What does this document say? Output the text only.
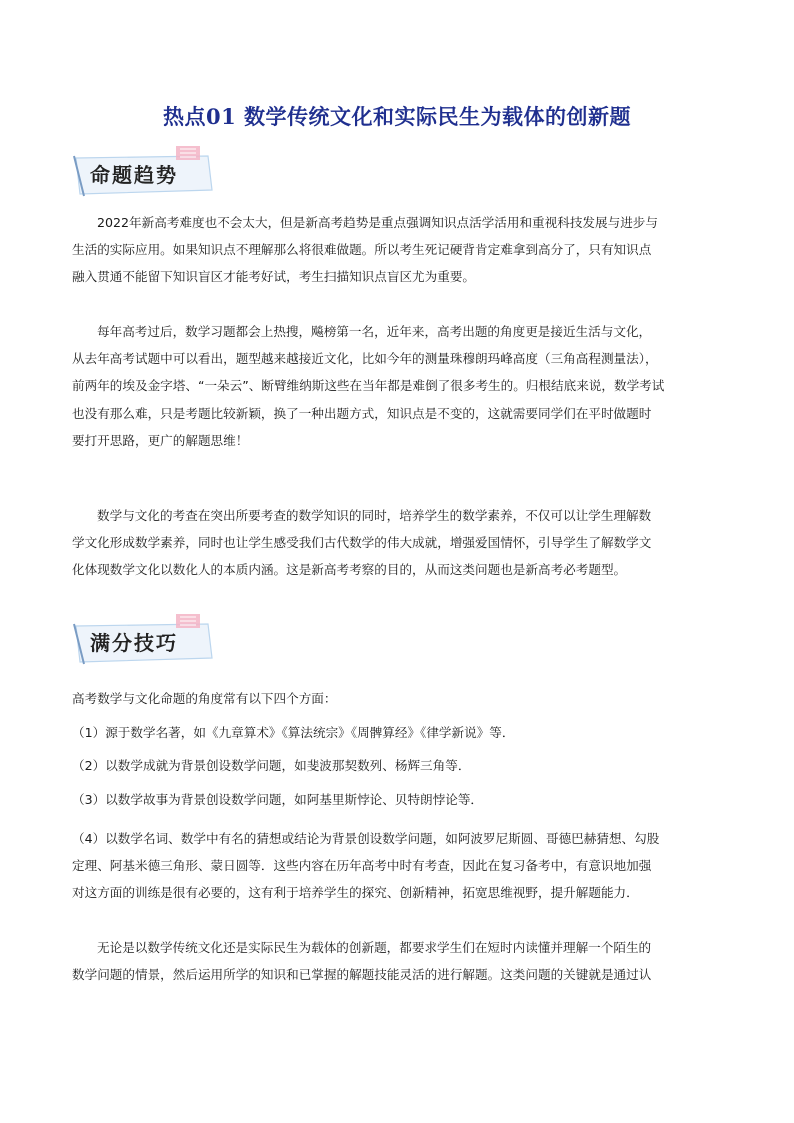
热点01 数学传统文化和实际民生为载体的创新题
命题趋势
2022年新高考难度也不会太大，但是新高考趋势是重点强调知识点活学活用和重视科技发展与进步与
生活的实际应用。如果知识点不理解那么将很难做题。所以考生死记硬背肯定难拿到高分了，只有知识点
融入贯通不能留下知识盲区才能考好试，考生扫描知识点盲区尤为重要。
每年高考过后，数学习题都会上热搜，飚榜第一名，近年来，高考出题的角度更是接近生活与文化，
从去年高考试题中可以看出，题型越来越接近文化，比如今年的测量珠穆朗玛峰高度（三角高程测量法），
前两年的埃及金字塔、“一朵云”、断臂维纳斯这些在当年都是难倒了很多考生的。归根结底来说，数学考试
也没有那么难，只是考题比较新颖，换了一种出题方式，知识点是不变的，这就需要同学们在平时做题时
要打开思路，更广的解题思维！
数学与文化的考查在突出所要考查的数学知识的同时，培养学生的数学素养，不仅可以让学生理解数
学文化形成数学素养，同时也让学生感受我们古代数学的伟大成就，增强爱国情怀，引导学生了解数学文
化体现数学文化以数化人的本质内涵。这是新高考考察的目的，从而这类问题也是新高考必考题型。
满分技巧
高考数学与文化命题的角度常有以下四个方面：
（1）源于数学名著，如《九章算术》《算法统宗》《周髀算经》《律学新说》等．
（2）以数学成就为背景创设数学问题，如斐波那契数列、杨辉三角等．
（3）以数学故事为背景创设数学问题，如阿基里斯悖论、贝特朗悖论等．
（4）以数学名词、数学中有名的猜想或结论为背景创设数学问题，如阿波罗尼斯圆、哥德巴赫猜想、勾股
定理、阿基米德三角形、蒙日圆等．这些内容在历年高考中时有考查，因此在复习备考中，有意识地加强
对这方面的训练是很有必要的，这有利于培养学生的探究、创新精神，拓宽思维视野，提升解题能力．
无论是以数学传统文化还是实际民生为载体的创新题，都要求学生们在短时内读懂并理解一个陌生的
数学问题的情景，然后运用所学的知识和已掌握的解题技能灵活的进行解题。这类问题的关键就是通过认
